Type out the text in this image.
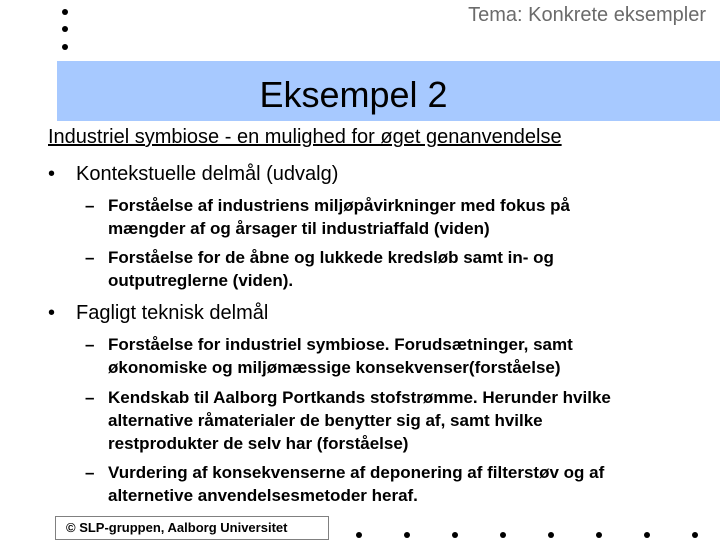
Tema: Konkrete eksempler
Eksempel 2
Industriel symbiose - en mulighed for øget genanvendelse
• Kontekstuelle delmål (udvalg)
– Forståelse af industriens miljøpåvirkninger med fokus på
mængder af og årsager til industriaffald (viden)
– Forståelse for de åbne og lukkede kredsløb samt in- og
outputreglerne (viden).
• Fagligt teknisk delmål
– Forståelse for industriel symbiose. Forudsætninger, samt
økonomiske og miljømæssige konsekvenser(forståelse)
– Kendskab til Aalborg Portkands stofstrømme. Herunder hvilke
alternative råmaterialer de benytter sig af, samt hvilke
restprodukter de selv har (forståelse)
– Vurdering af konsekvenserne af deponering af filterstøv og af
alternetive anvendelsesmetoder heraf.
© SLP-gruppen, Aalborg Universitet
